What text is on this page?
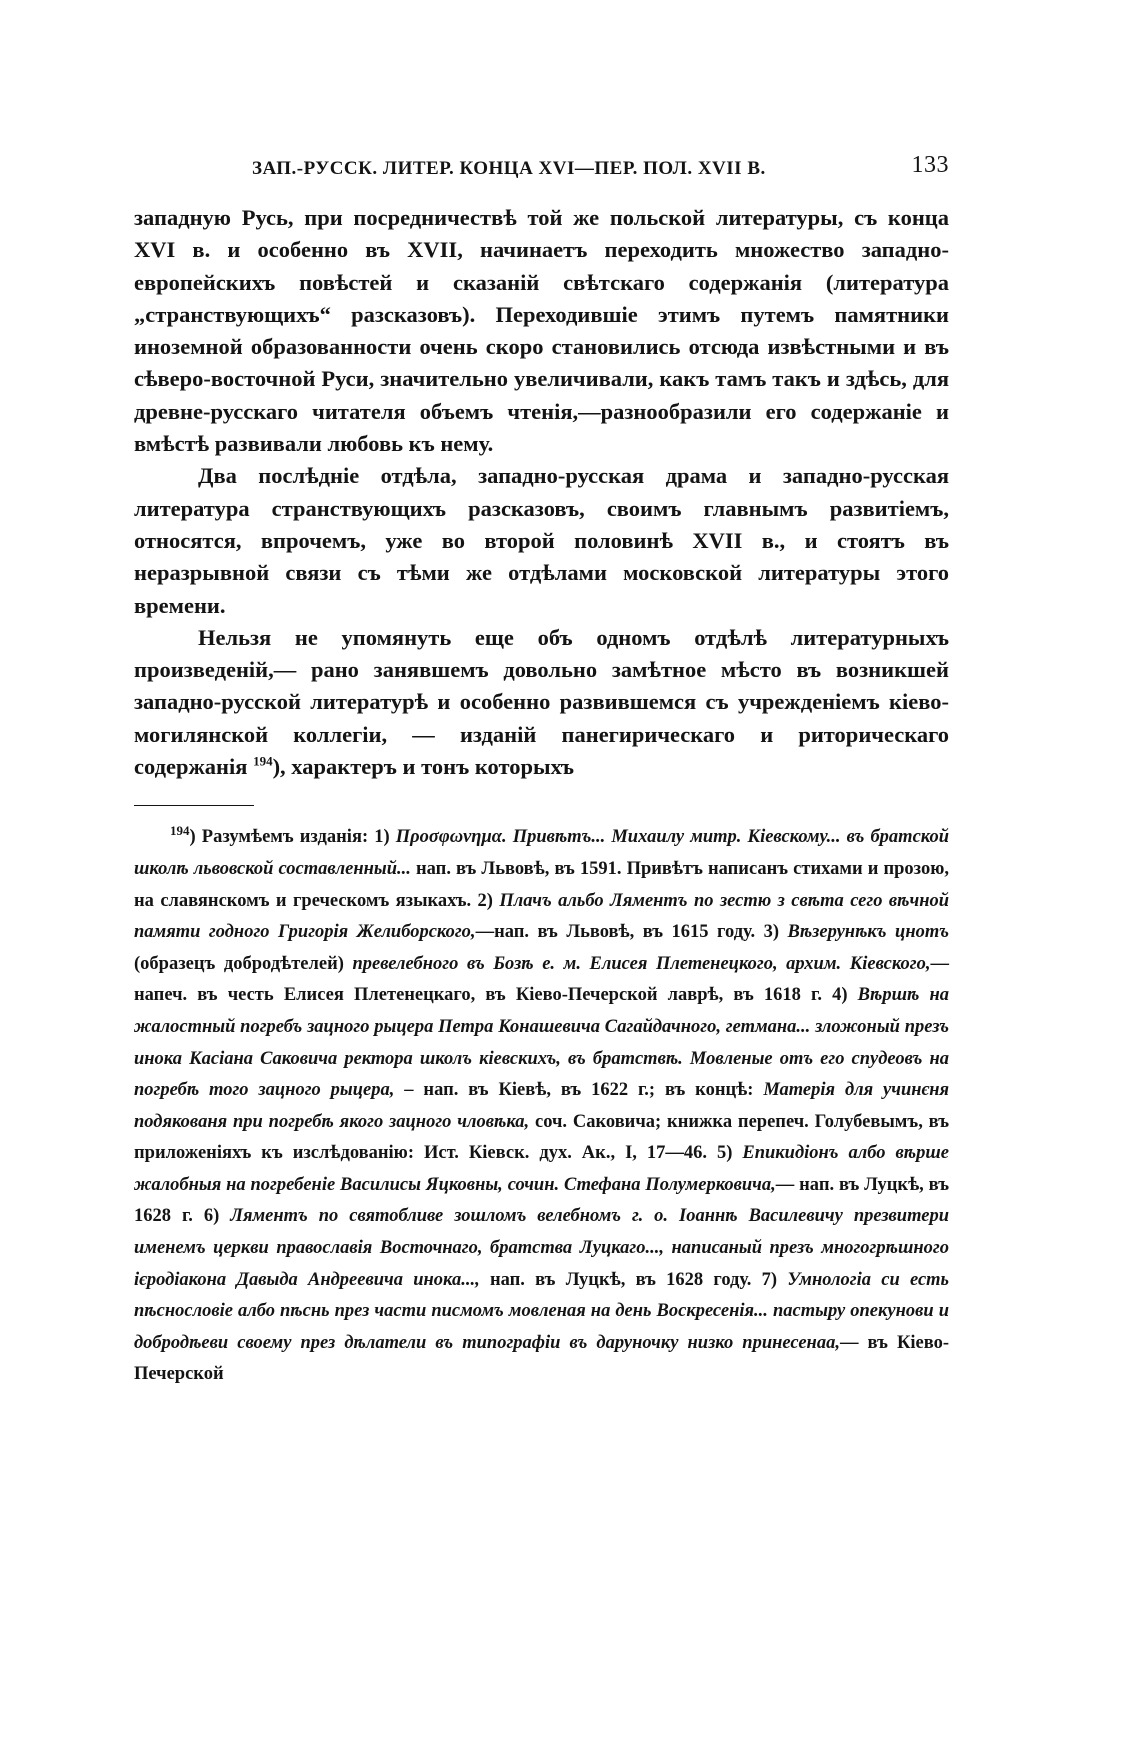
ЗАП.-РУССК. ЛИТЕР. КОНЦА XVI—ПЕР. ПОЛ. XVII В.	133

западную Русь, при посредничествѣ той же польской литературы, съ конца XVI в. и особенно въ XVII, начинаетъ переходить множество западно-европейскихъ повѣстей и сказаній свѣтскаго содержанія (литература „странствующихъ“ разсказовъ). Переходившіе этимъ путемъ памятники иноземной образованности очень скоро становились отсюда извѣстными и въ сѣверо-восточной Руси, значительно увеличивали, какъ тамъ такъ и здѣсь, для древне-русскаго читателя объемъ чтенія,—разнообразили его содержаніе и вмѣстѣ развивали любовь къ нему.

Два послѣдніе отдѣла, западно-русская драма и западно-русская литература странствующихъ разсказовъ, своимъ главнымъ развитіемъ, относятся, впрочемъ, уже во второй половинѣ XVII в., и стоятъ въ неразрывной связи съ тѣми же отдѣлами московской литературы этого времени.

Нельзя не упомянуть еще объ одномъ отдѣлѣ литературныхъ произведеній,— рано занявшемъ довольно замѣтное мѣсто въ возникшей западно-русской литературѣ и особенно развившемся съ учрежденіемъ кіево-могилянской коллегіи, — изданій панегирическаго и риторическаго содержанія $^{194}$), характеръ и тонъ которыхъ

$^{194}$) Разумѣемъ изданія: 1) Προσφωνημα. Привѣтъ... Михаилу митр. Кіевскому... въ братской школѣ львовской составленный... нап. въ Львовѣ, въ 1591. Привѣтъ написанъ стихами и прозою, на славянскомъ и греческомъ языкахъ. 2) Плачъ альбо Ляментъ по зестю з свѣта сего вѣчной памяти годного Григорія Желиборского,—нап. въ Львовѣ, въ 1615 году. 3) Вѣзерунѣкъ цнотъ (образецъ добродѣтелей) превелебного въ Бозѣ е. м. Елисея Плетенецкого, архим. Кіевского,—напеч. въ честь Елисея Плетенецкаго, въ Кіево-Печерской лаврѣ, въ 1618 г. 4) Вѣршѣ на жалостный погребъ зацного рыцера Петра Конашевича Сагайдачного, гетмана... зложоный презъ инока Касіана Саковича ректора школъ кіевскихъ, въ братствѣ. Мовленые отъ его спудеовъ на погребѣ того зацного рыцера, – нап. въ Кіевѣ, въ 1622 г.; въ концѣ: Матерія для учинєня подякованя при погребѣ якого зацного чловѣка, соч. Саковича; книжка перепеч. Голубевымъ, въ приложеніяхъ къ изслѣдованію: Ист. Кіевск. дух. Ак., I, 17—46. 5) Епикидіонъ албо вѣрше жалобныя на погребеніе Василисы Яцковны, сочин. Стефана Полумерковича,— нап. въ Луцкѣ, въ 1628 г. 6) Ляментъ по святобливе зошломъ велебномъ г. о. Іоаннѣ Василевичу презвитери именемъ церкви православія Восточнаго, братства Луцкаго..., написаный презъ многогрѣшного ієродіакона Давыда Андреевича инока..., нап. въ Луцкѣ, въ 1628 году. 7) Умнологіа си есть пѣснословіе албо пѣснь през части писмомъ мовленая на день Воскресенія... пастыру опекунови и добродѣеви своему през дѣлатели въ типографіи въ даруночку низко принесенаа,— въ Кіево-Печерской
